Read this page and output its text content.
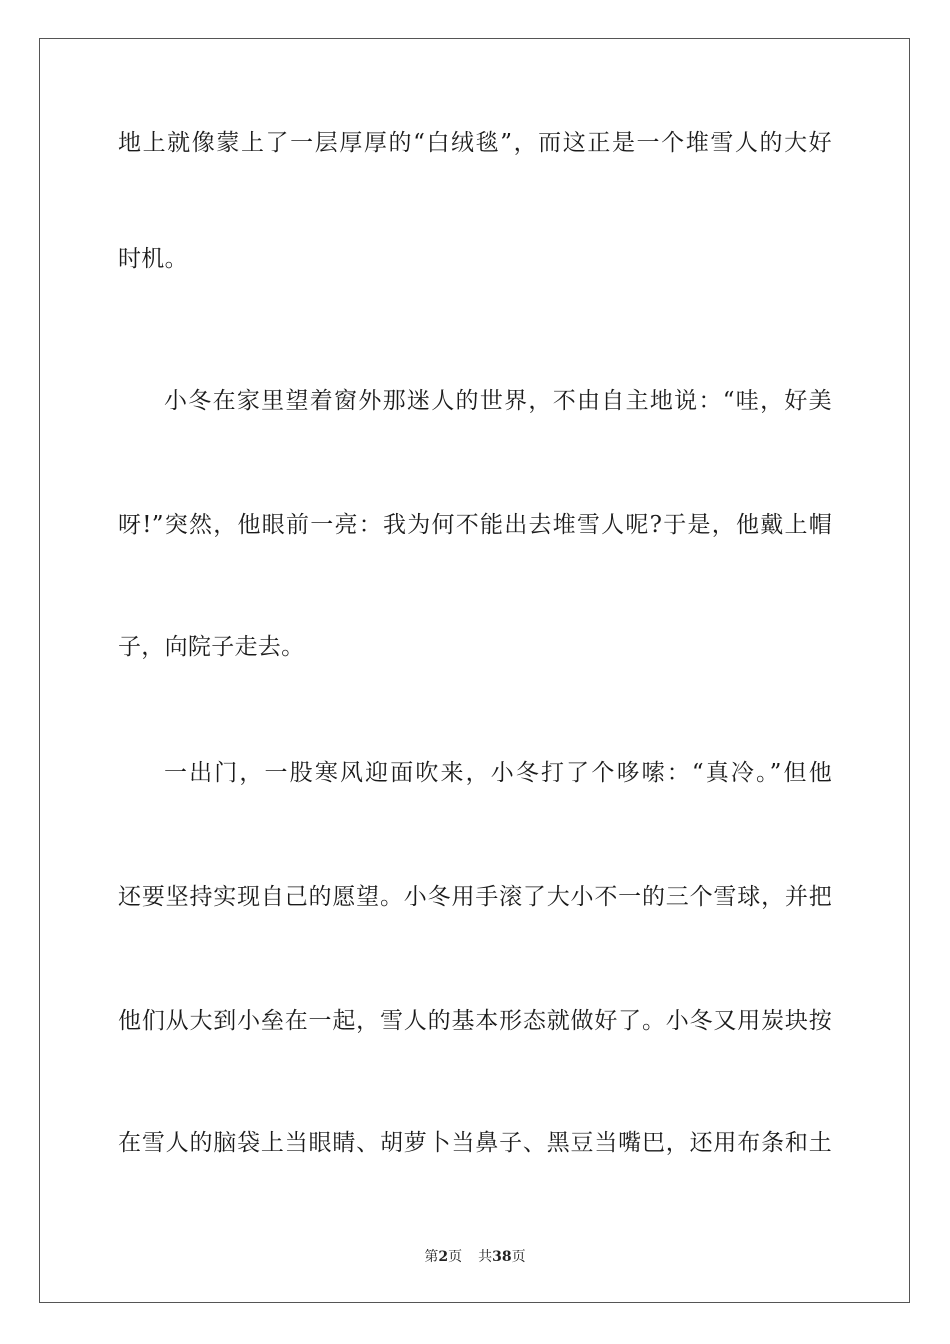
地上就像蒙上了一层厚厚的“白绒毯”，而这正是一个堆雪人的大好
时机。
小冬在家里望着窗外那迷人的世界，不由自主地说：“哇，好美
呀!”突然，他眼前一亮：我为何不能出去堆雪人呢?于是，他戴上帽
子，向院子走去。
一出门，一股寒风迎面吹来，小冬打了个哆嗦：“真冷。”但他
还要坚持实现自己的愿望。小冬用手滚了大小不一的三个雪球，并把
他们从大到小垒在一起，雪人的基本形态就做好了。小冬又用炭块按
在雪人的脑袋上当眼睛、胡萝卜当鼻子、黑豆当嘴巴，还用布条和土
第2页 共38页
